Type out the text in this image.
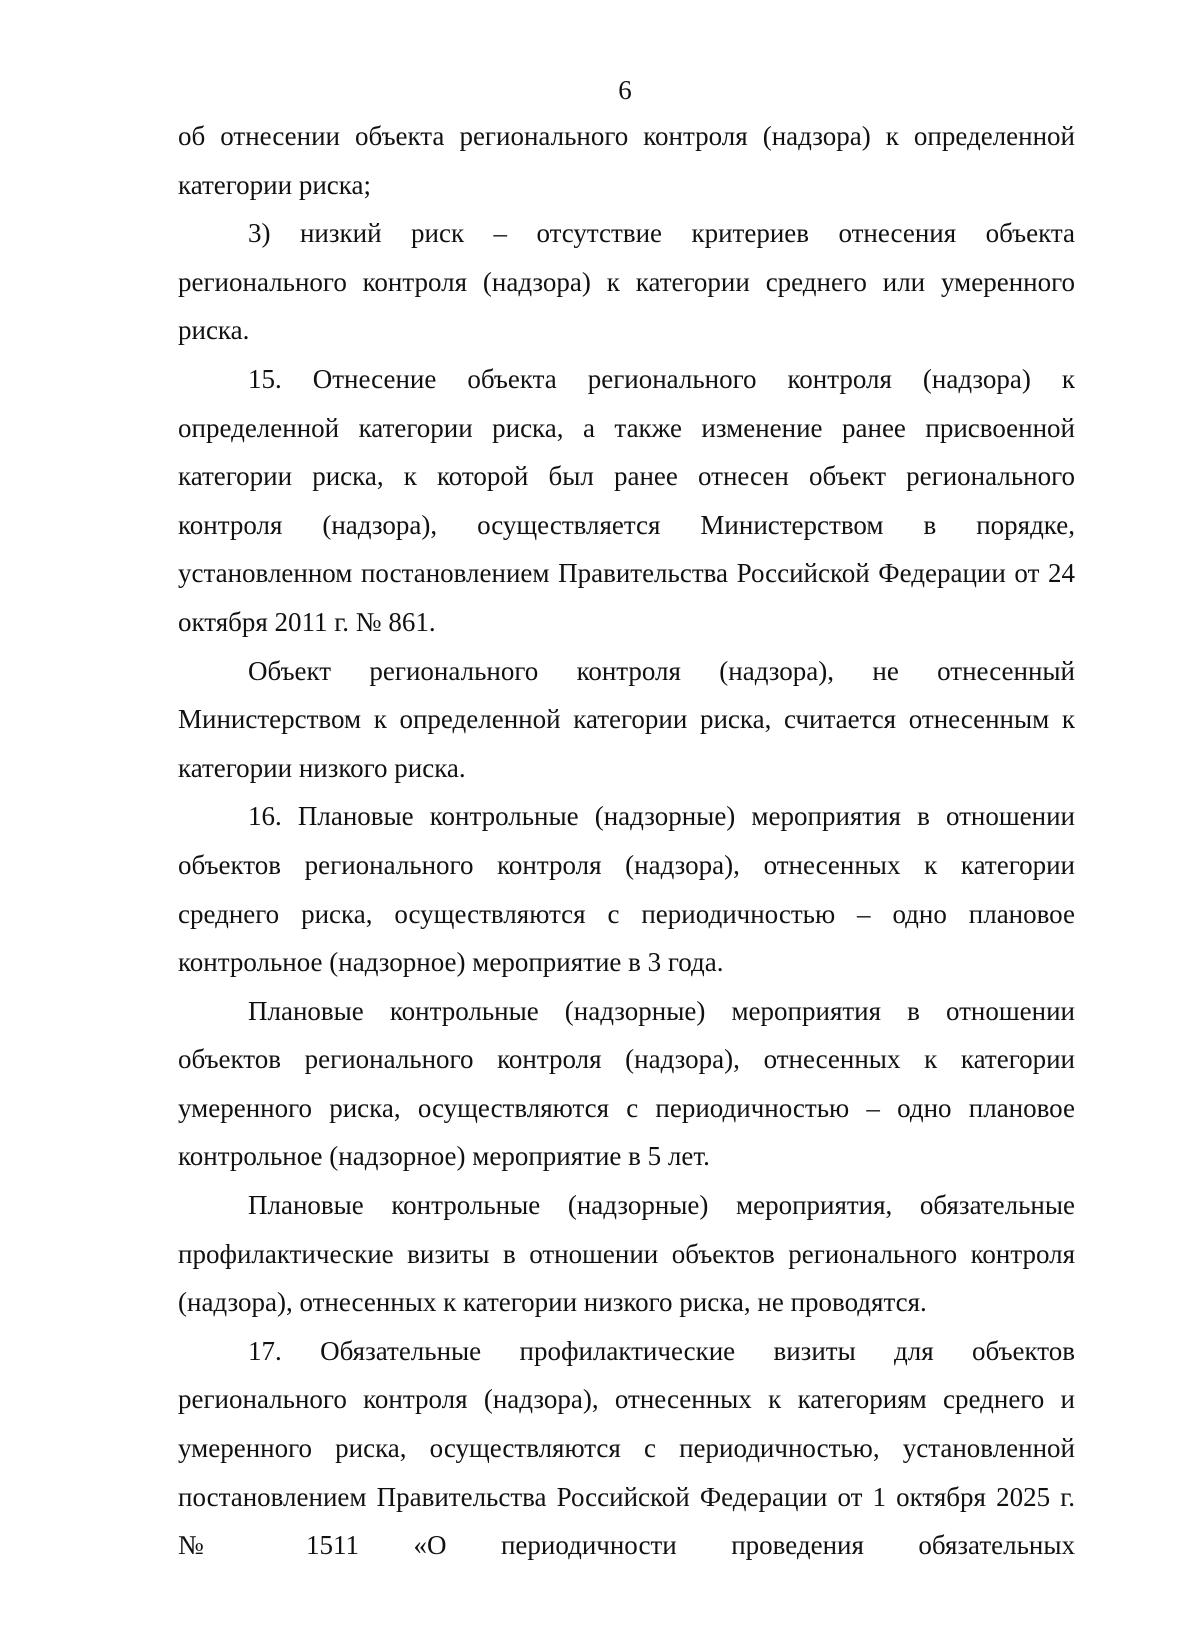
6

об отнесении объекта регионального контроля (надзора) к определенной категории риска;

3) низкий риск – отсутствие критериев отнесения объекта регионального контроля (надзора) к категории среднего или умеренного риска.

15. Отнесение объекта регионального контроля (надзора) к определенной категории риска, а также изменение ранее присвоенной категории риска, к которой был ранее отнесен объект регионального контроля (надзора), осуществляется Министерством в порядке, установленном постановлением Правительства Российской Федерации от 24 октября 2011 г. № 861.

Объект регионального контроля (надзора), не отнесенный Министерством к определенной категории риска, считается отнесенным к категории низкого риска.

16. Плановые контрольные (надзорные) мероприятия в отношении объектов регионального контроля (надзора), отнесенных к категории среднего риска, осуществляются с периодичностью – одно плановое контрольное (надзорное) мероприятие в 3 года.

Плановые контрольные (надзорные) мероприятия в отношении объектов регионального контроля (надзора), отнесенных к категории умеренного риска, осуществляются с периодичностью – одно плановое контрольное (надзорное) мероприятие в 5 лет.

Плановые контрольные (надзорные) мероприятия, обязательные профилактические визиты в отношении объектов регионального контроля (надзора), отнесенных к категории низкого риска, не проводятся.

17. Обязательные профилактические визиты для объектов регионального контроля (надзора), отнесенных к категориям среднего и умеренного риска, осуществляются с периодичностью, установленной постановлением Правительства Российской Федерации от 1 октября 2025 г. № 1511 «О периодичности проведения обязательных
